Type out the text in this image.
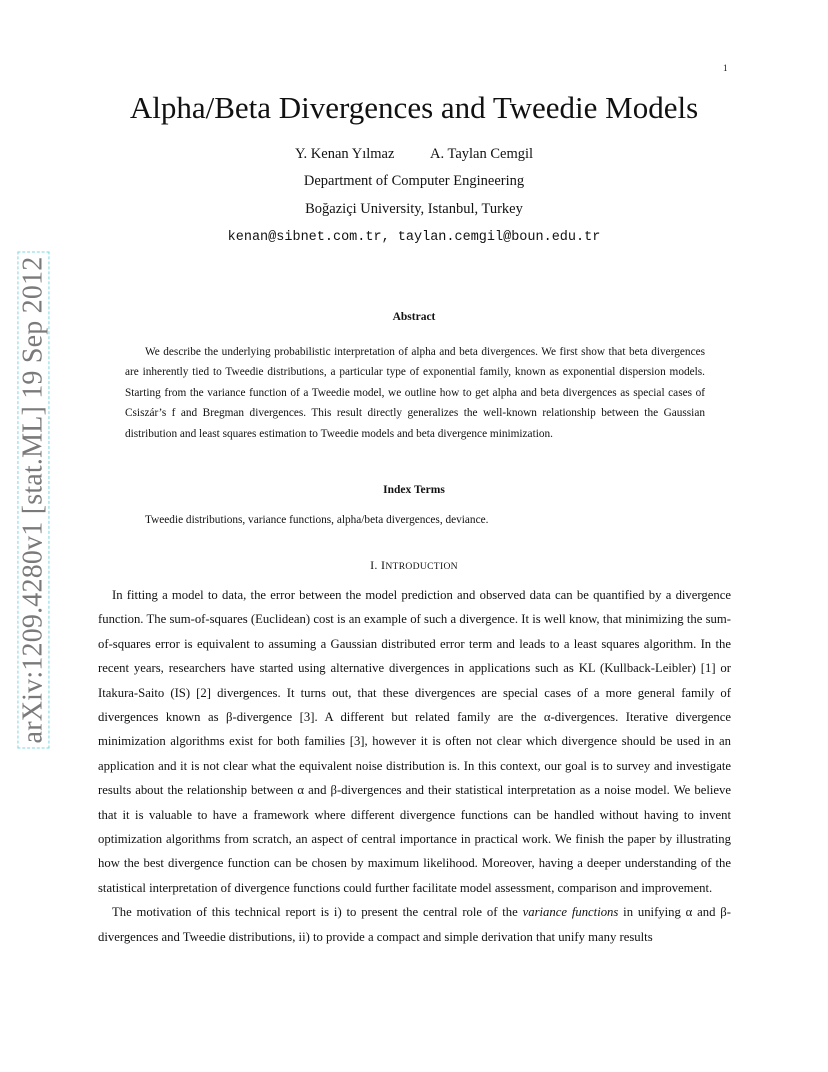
1
arXiv:1209.4280v1 [stat.ML] 19 Sep 2012
Alpha/Beta Divergences and Tweedie Models
Y. Kenan Yılmaz A. Taylan Cemgil
Department of Computer Engineering
Boğaziçi University, Istanbul, Turkey
kenan@sibnet.com.tr, taylan.cemgil@boun.edu.tr
Abstract

We describe the underlying probabilistic interpretation of alpha and beta divergences. We first show that beta divergences are inherently tied to Tweedie distributions, a particular type of exponential family, known as exponential dispersion models. Starting from the variance function of a Tweedie model, we outline how to get alpha and beta divergences as special cases of Csiszár’s f and Bregman divergences. This result directly generalizes the well-known relationship between the Gaussian distribution and least squares estimation to Tweedie models and beta divergence minimization.

Index Terms
Tweedie distributions, variance functions, alpha/beta divergences, deviance.
I. INTRODUCTION

In fitting a model to data, the error between the model prediction and observed data can be quantified by a divergence function. The sum-of-squares (Euclidean) cost is an example of such a divergence. It is well know, that minimizing the sum-of-squares error is equivalent to assuming a Gaussian distributed error term and leads to a least squares algorithm. In the recent years, researchers have started using alternative divergences in applications such as KL (Kullback-Leibler) [1] or Itakura-Saito (IS) [2] divergences. It turns out, that these divergences are special cases of a more general family of divergences known as β-divergence [3]. A different but related family are the α-divergences. Iterative divergence minimization algorithms exist for both families [3], however it is often not clear which divergence should be used in an application and it is not clear what the equivalent noise distribution is. In this context, our goal is to survey and investigate results about the relationship between α and β-divergences and their statistical interpretation as a noise model. We believe that it is valuable to have a framework where different divergence functions can be handled without having to invent optimization algorithms from scratch, an aspect of central importance in practical work. We finish the paper by illustrating how the best divergence function can be chosen by maximum likelihood. Moreover, having a deeper understanding of the statistical interpretation of divergence functions could further facilitate model assessment, comparison and improvement.

The motivation of this technical report is i) to present the central role of the variance functions in unifying α and β-divergences and Tweedie distributions, ii) to provide a compact and simple derivation that unify many results
